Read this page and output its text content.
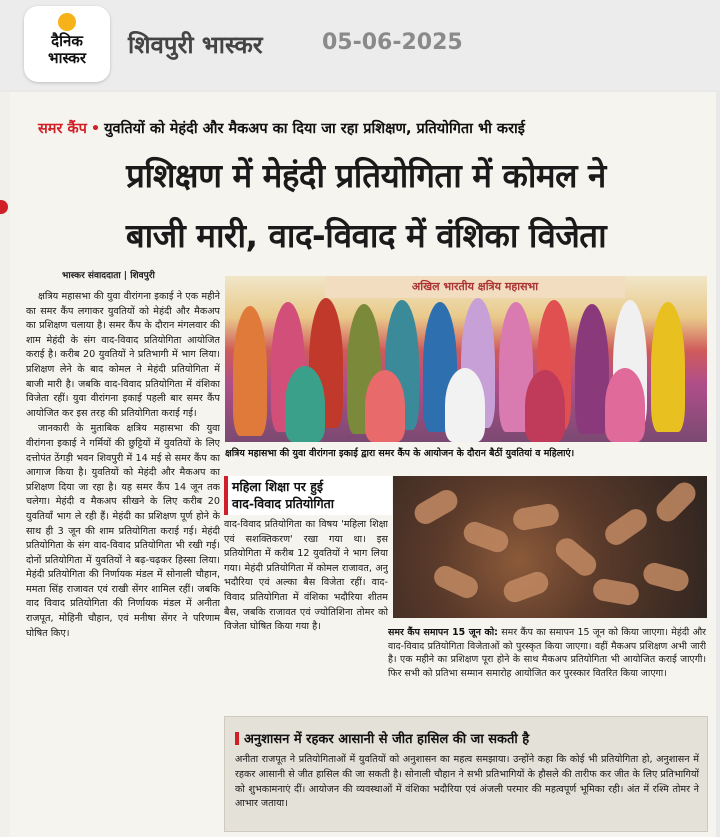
दैनिक
भास्कर	शिवपुरी भास्कर	05-06-2025
समर कैंप • युवतियों को मेहंदी और मैकअप का दिया जा रहा प्रशिक्षण, प्रतियोगिता भी कराई
प्रशिक्षण में मेहंदी प्रतियोगिता में कोमल ने
बाजी मारी, वाद-विवाद में वंशिका विजेता
भास्कर संवाददाता | शिवपुरी

क्षत्रिय महासभा की युवा वीरांगना इकाई ने एक महीने का समर कैंप लगाकर युवतियों को मेहंदी और मैकअप का प्रशिक्षण चलाया है। समर कैंप के दौरान मंगलवार की शाम मेहंदी के संग वाद-विवाद प्रतियोगिता आयोजित कराई है। करीब 20 युवतियों ने प्रतिभागी में भाग लिया। प्रशिक्षण लेने के बाद कोमल ने मेहंदी प्रतियोगिता में बाजी मारी है। जबकि वाद-विवाद प्रतियोगिता में वंशिका विजेता रहीं। युवा वीरांगना इकाई पहली बार समर कैंप आयोजित कर इस तरह की प्रतियोगिता कराई गई।

जानकारी के मुताबिक क्षत्रिय महासभा की युवा वीरांगना इकाई ने गर्मियों की छुट्टियों में युवतियों के लिए दत्तोपंत ठेंगड़ी भवन शिवपुरी में 14 मई से समर कैंप का आगाज किया है। युवतियों को मेहंदी और मैकअप का प्रशिक्षण दिया जा रहा है। यह समर कैंप 14 जून तक चलेगा। मेहंदी व मैकअप सीखने के लिए करीब 20 युवतियाँ भाग ले रही हैं। मेहंदी का प्रशिक्षण पूर्ण होने के साथ ही 3 जून की शाम प्रतियोगिता कराई गई। मेहंदी प्रतियोगिता के संग वाद-विवाद प्रतियोगिता भी रखी गई। दोनों प्रतियोगिता में युवतियों ने बढ़-चढ़कर हिस्सा लिया। मेहंदी प्रतियोगिता की निर्णायक मंडल में सोनाली चौहान, ममता सिंह राजावत एवं राखी सेंगर शामिल रहीं। जबकि वाद विवाद प्रतियोगिता की निर्णायक मंडल में अनीता राजपूत, मोहिनी चौहान, एवं मनीषा सेंगर ने परिणाम घोषित किए।

अखिल भारतीय क्षत्रिय महासभा
क्षत्रिय महासभा की युवा वीरांगना इकाई द्वारा समर कैंप के आयोजन के दौरान बैठीं युवतियां व महिलाएं।
महिला शिक्षा पर हुई
वाद-विवाद प्रतियोगिता

वाद-विवाद प्रतियोगिता का विषय 'महिला शिक्षा एवं सशक्तिकरण' रखा गया था। इस प्रतियोगिता में करीब 12 युवतियों ने भाग लिया गया। मेहंदी प्रतियोगिता में कोमल राजावत, अनु भदौरिया एवं अल्का बैस विजेता रहीं। वाद-विवाद प्रतियोगिता में वंशिका भदौरिया शीतम बैस, जबकि राजावत एवं ज्योतिशिना तोमर को विजेता घोषित किया गया है।

समर कैंप समापन 15 जून को: समर कैंप का समापन 15 जून को किया जाएगा। मेहंदी और वाद-विवाद प्रतियोगिता विजेताओं को पुरस्कृत किया जाएगा। वहीं मैकअप प्रशिक्षण अभी जारी है। एक महीने का प्रशिक्षण पूरा होने के साथ मैकअप प्रतियोगिता भी आयोजित कराई जाएगी। फिर सभी को प्रतिभा सम्मान समारोह आयोजित कर पुरस्कार वितरित किया जाएगा।
अनुशासन में रहकर आसानी से जीत हासिल की जा सकती है
अनीता राजपूत ने प्रतियोगिताओं में युवतियों को अनुशासन का महत्व समझाया। उन्होंने कहा कि कोई भी प्रतियोगिता हो, अनुशासन में रहकर आसानी से जीत हासिल की जा सकती है। सोनाली चौहान ने सभी प्रतिभागियों के हौसले की तारीफ कर जीत के लिए प्रतिभागियों को शुभकामनाएं दीं। आयोजन की व्यवस्थाओं में वंशिका भदौरिया एवं अंजली परमार की महत्वपूर्ण भूमिका रही। अंत में रश्मि तोमर ने आभार जताया।
